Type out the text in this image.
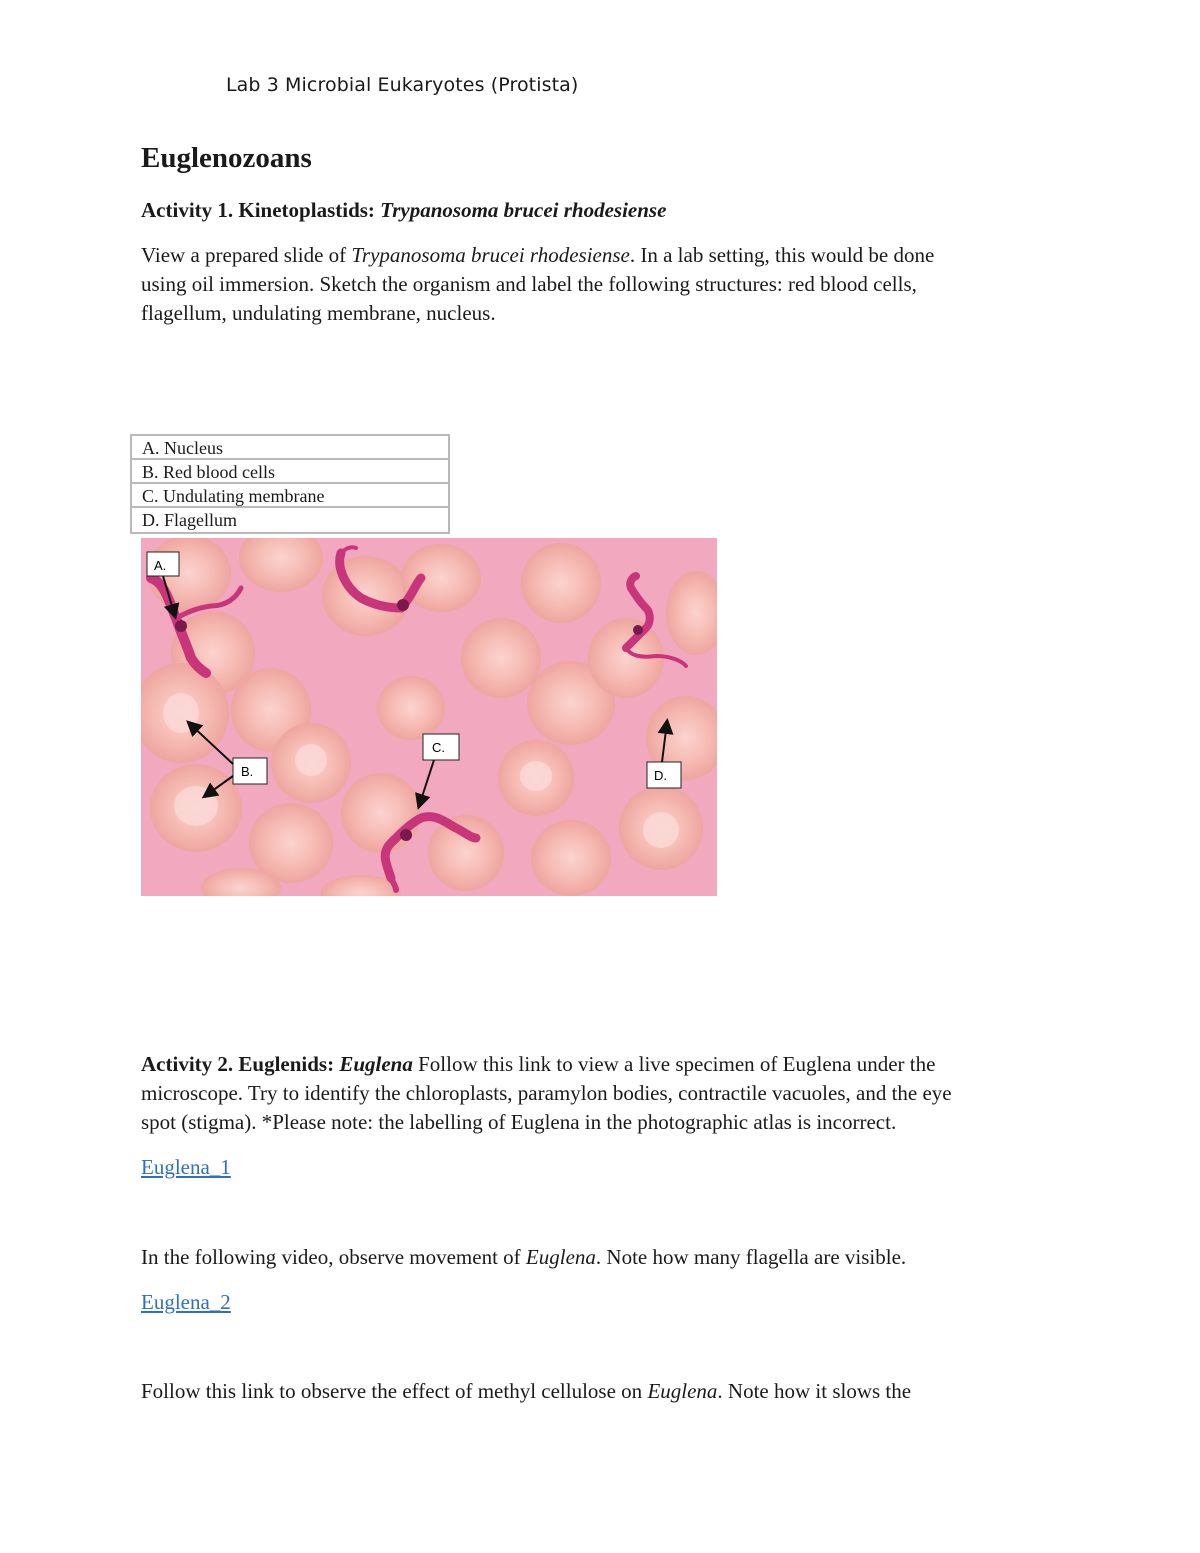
Lab 3 Microbial Eukaryotes (Protista)
Euglenozoans
Activity 1. Kinetoplastids: Trypanosoma brucei rhodesiense
View a prepared slide of Trypanosoma brucei rhodesiense. In a lab setting, this would be done
using oil immersion. Sketch the organism and label the following structures: red blood cells,
flagellum, undulating membrane, nucleus.
A. Nucleus
B. Red blood cells
C. Undulating membrane
D. Flagellum
A.
B.
C.
D.
Activity 2. Euglenids: Euglena Follow this link to view a live specimen of Euglena under the
microscope. Try to identify the chloroplasts, paramylon bodies, contractile vacuoles, and the eye
spot (stigma). *Please note: the labelling of Euglena in the photographic atlas is incorrect.
Euglena_1
In the following video, observe movement of Euglena. Note how many flagella are visible.
Euglena_2
Follow this link to observe the effect of methyl cellulose on Euglena. Note how it slows the
